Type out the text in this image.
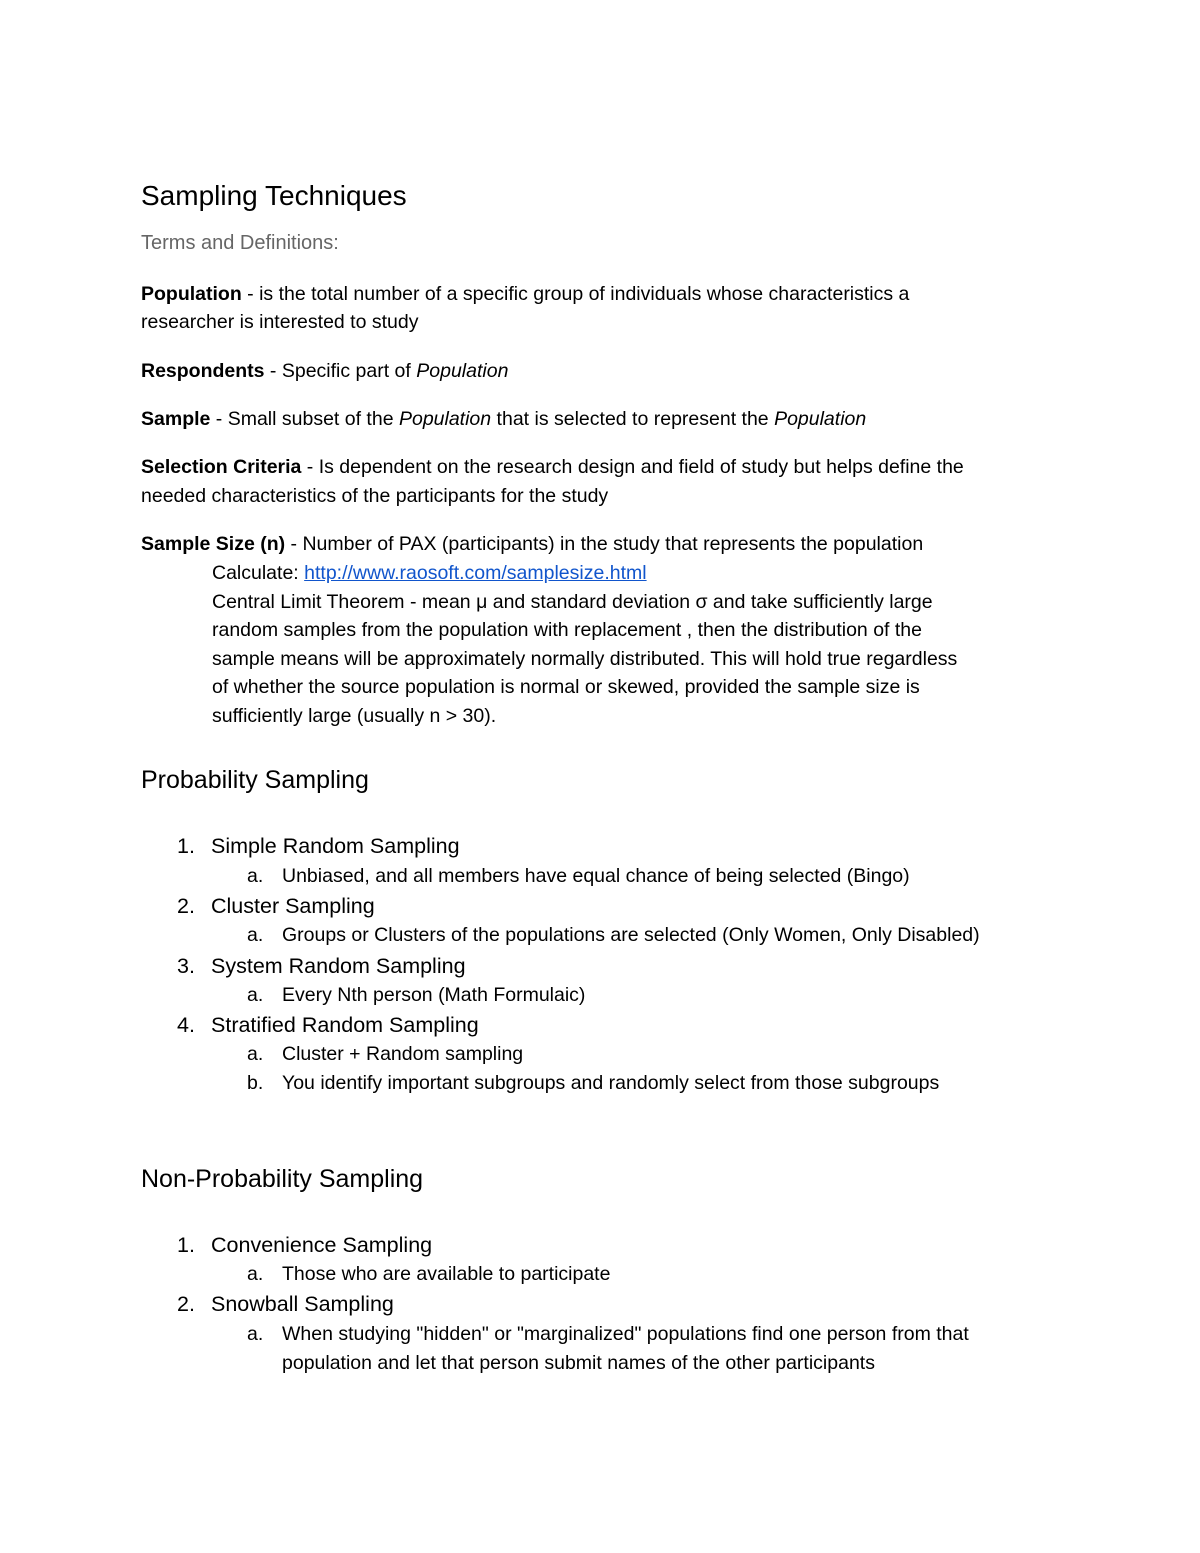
Sampling Techniques
Terms and Definitions:
Population - is the total number of a specific group of individuals whose characteristics a
researcher is interested to study
Respondents - Specific part of Population
Sample - Small subset of the Population that is selected to represent the Population
Selection Criteria - Is dependent on the research design and field of study but helps define the
needed characteristics of the participants for the study
Sample Size (n) - Number of PAX (participants) in the study that represents the population
Calculate: http://www.raosoft.com/samplesize.html
Central Limit Theorem - mean μ and standard deviation σ and take sufficiently large
random samples from the population with replacement , then the distribution of the
sample means will be approximately normally distributed. This will hold true regardless
of whether the source population is normal or skewed, provided the sample size is
sufficiently large (usually n > 30).
Probability Sampling
1. Simple Random Sampling
a. Unbiased, and all members have equal chance of being selected (Bingo)
2. Cluster Sampling
a. Groups or Clusters of the populations are selected (Only Women, Only Disabled)
3. System Random Sampling
a. Every Nth person (Math Formulaic)
4. Stratified Random Sampling
a. Cluster + Random sampling
b. You identify important subgroups and randomly select from those subgroups
Non-Probability Sampling
1. Convenience Sampling
a. Those who are available to participate
2. Snowball Sampling
a. When studying "hidden" or "marginalized" populations find one person from that
population and let that person submit names of the other participants
